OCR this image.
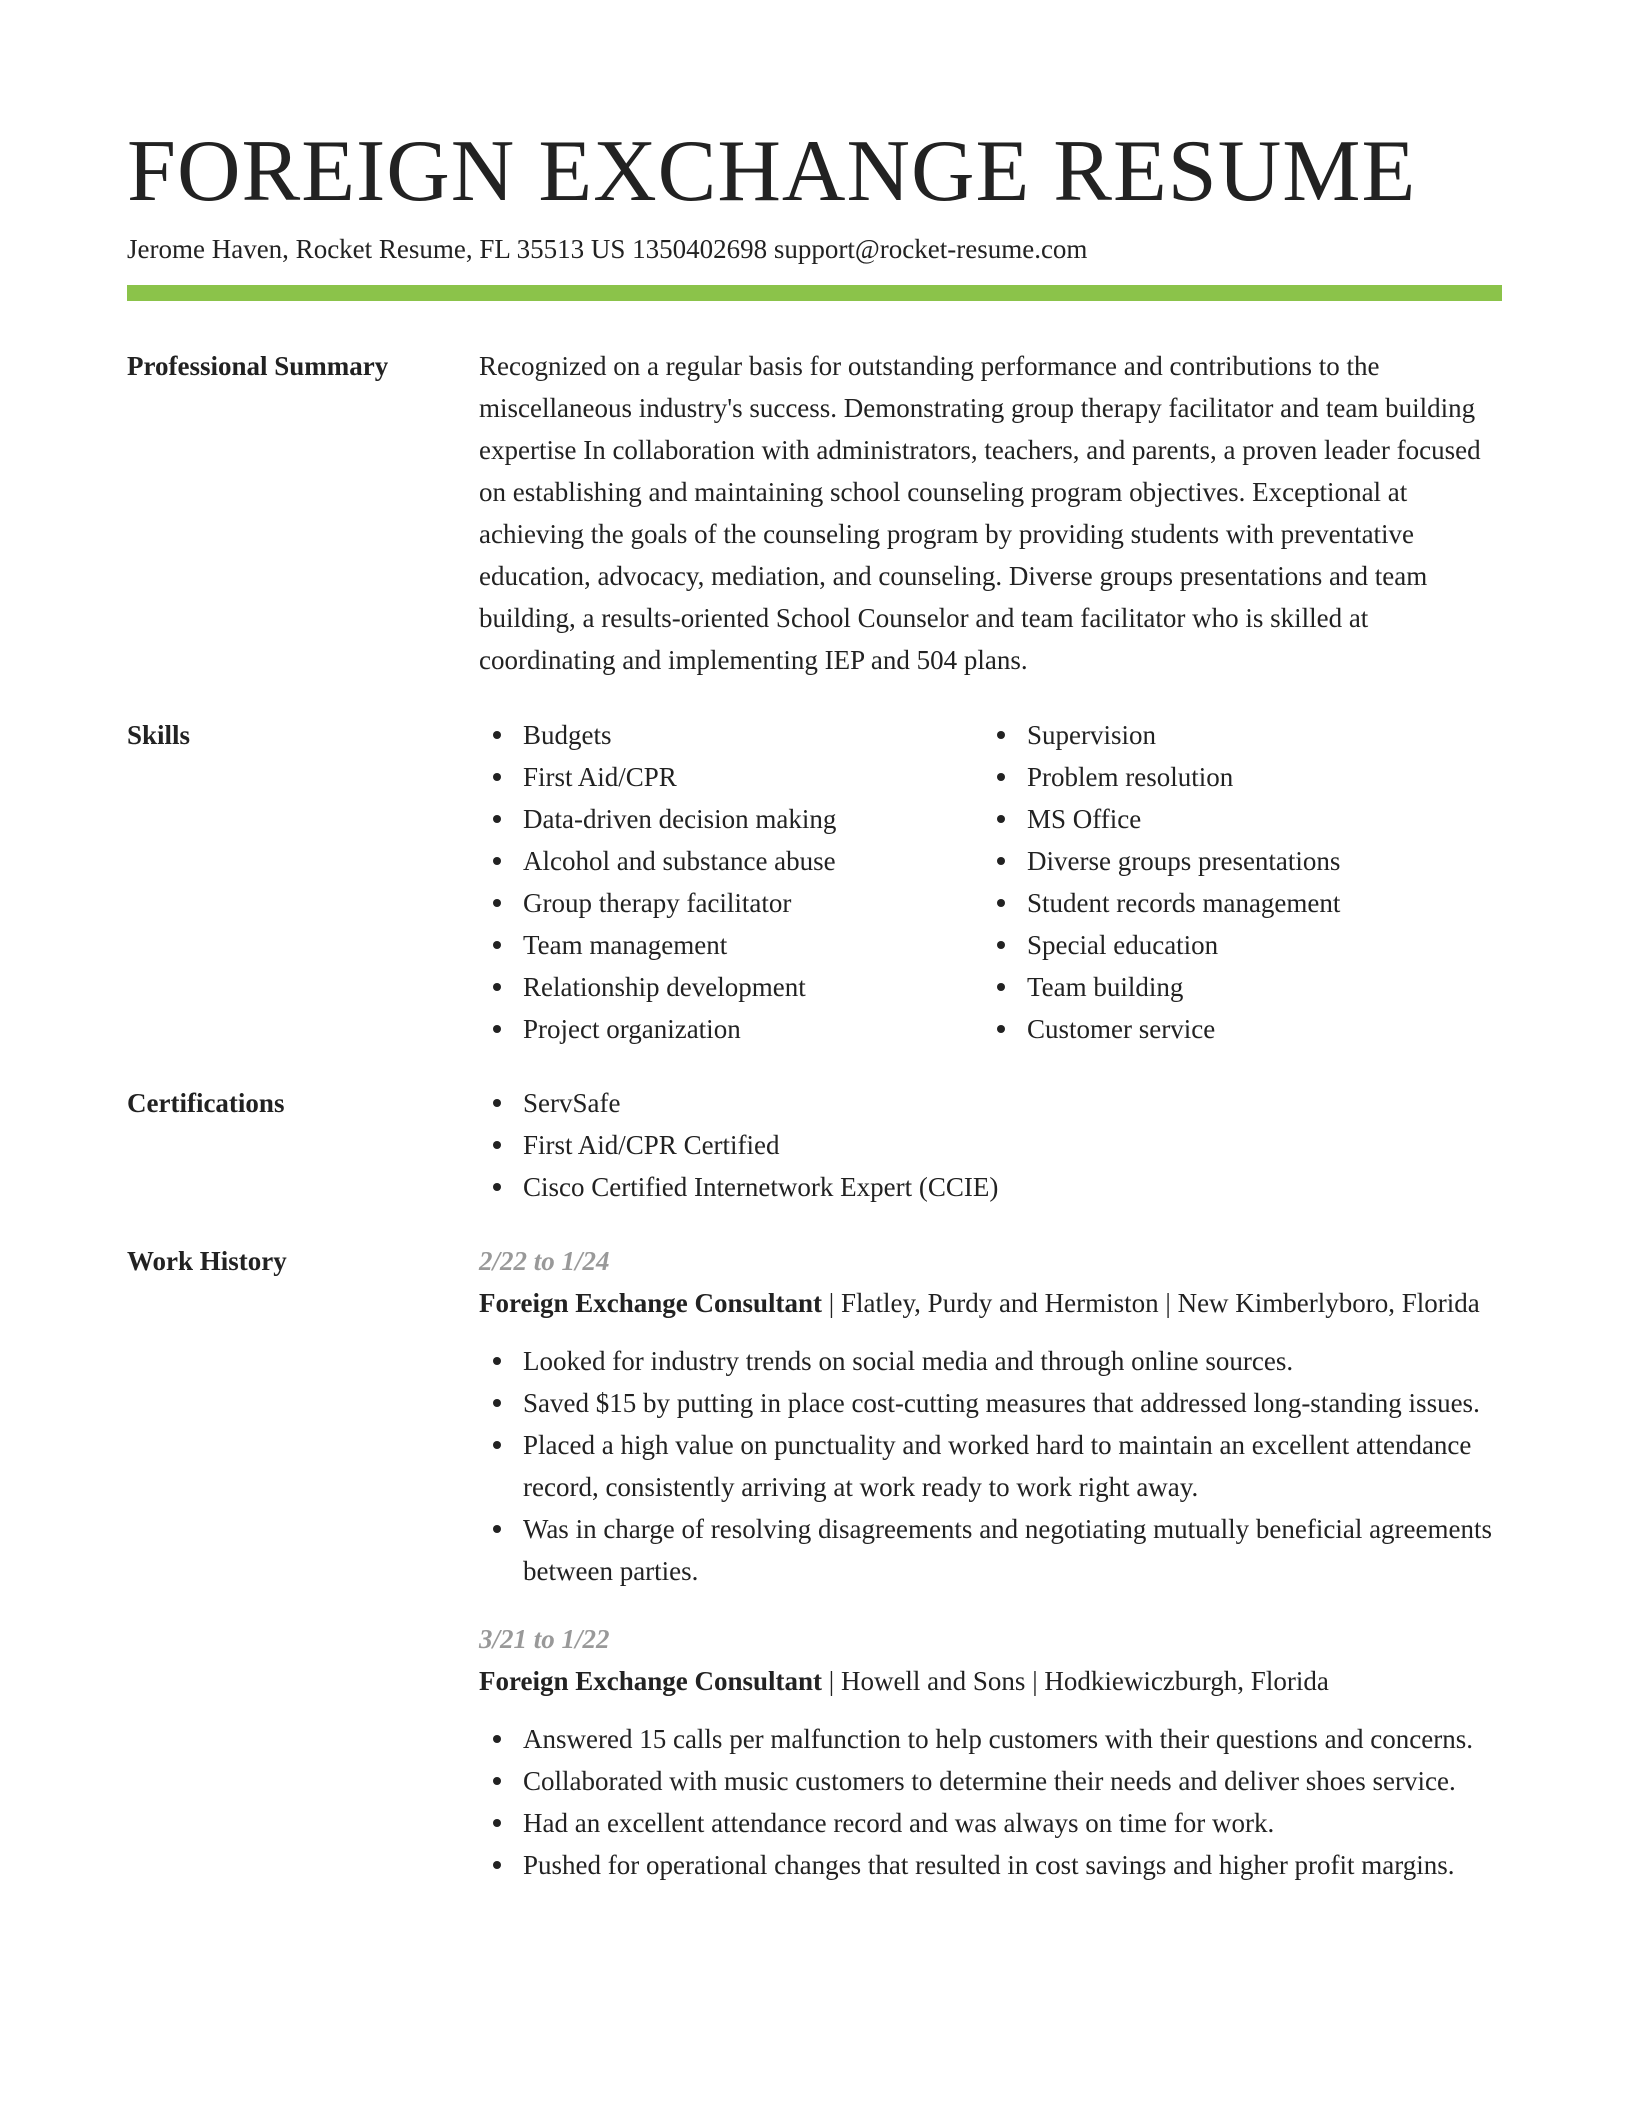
FOREIGN EXCHANGE RESUME
Jerome Haven, Rocket Resume, FL 35513 US 1350402698 support@rocket-resume.com
Professional Summary	Recognized on a regular basis for outstanding performance and contributions to the miscellaneous industry's success. Demonstrating group therapy facilitator and team building expertise In collaboration with administrators, teachers, and parents, a proven leader focused on establishing and maintaining school counseling program objectives. Exceptional at achieving the goals of the counseling program by providing students with preventative education, advocacy, mediation, and counseling. Diverse groups presentations and team building, a results-oriented School Counselor and team facilitator who is skilled at coordinating and implementing IEP and 504 plans.

Skills	Budgets
First Aid/CPR
Data-driven decision making
Alcohol and substance abuse
Group therapy facilitator
Team management
Relationship development
Project organization
Supervision
Problem resolution
MS Office
Diverse groups presentations
Student records management
Special education
Team building
Customer service
Certifications	ServSafe
First Aid/CPR Certified
Cisco Certified Internetwork Expert (CCIE)
Work History	2/22 to 1/24
Foreign Exchange Consultant | Flatley, Purdy and Hermiston | New Kimberlyboro, Florida
Looked for industry trends on social media and through online sources.
Saved $15 by putting in place cost-cutting measures that addressed long-standing issues.
Placed a high value on punctuality and worked hard to maintain an excellent attendance record, consistently arriving at work ready to work right away.
Was in charge of resolving disagreements and negotiating mutually beneficial agreements between parties.
3/21 to 1/22
Foreign Exchange Consultant | Howell and Sons | Hodkiewiczburgh, Florida
Answered 15 calls per malfunction to help customers with their questions and concerns.
Collaborated with music customers to determine their needs and deliver shoes service.
Had an excellent attendance record and was always on time for work.
Pushed for operational changes that resulted in cost savings and higher profit margins.
